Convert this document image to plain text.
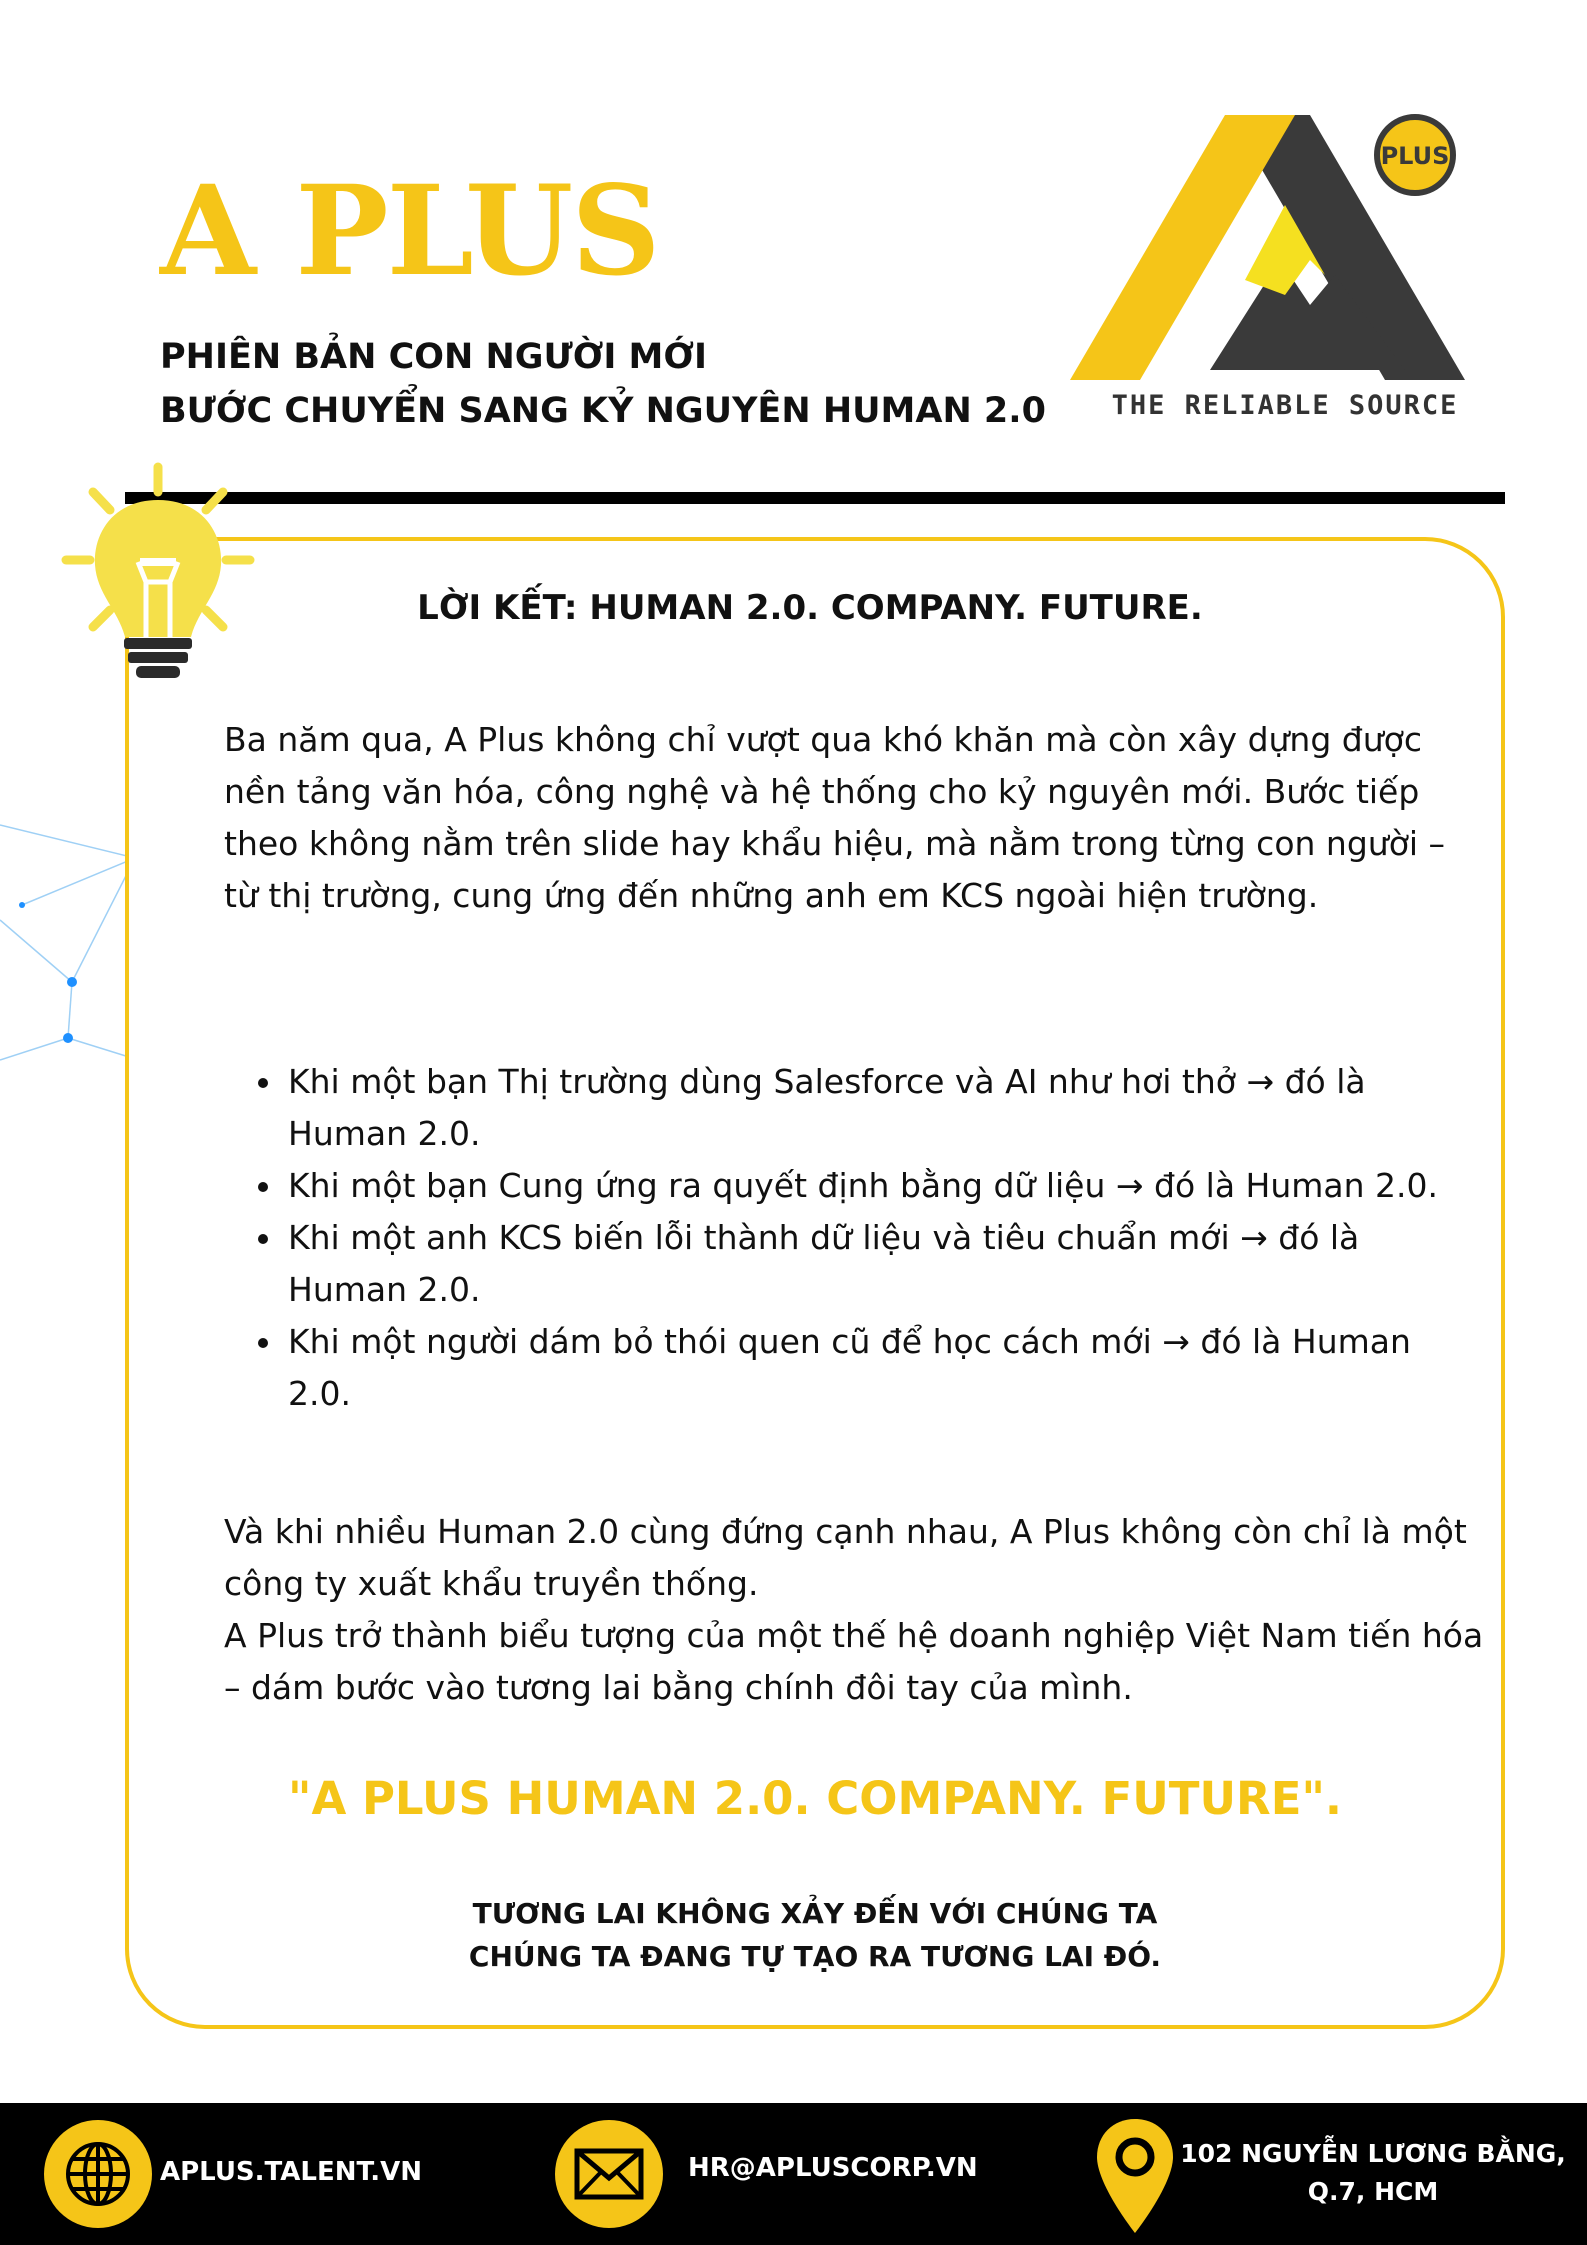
A PLUS
PHIÊN BẢN CON NGƯỜI MỚI
BƯỚC CHUYỂN SANG KỶ NGUYÊN HUMAN 2.0
PLUS
THE RELIABLE SOURCE
LỜI KẾT: HUMAN 2.0. COMPANY. FUTURE.
Ba năm qua, A Plus không chỉ vượt qua khó khăn mà còn xây dựng được nền tảng văn hóa, công nghệ và hệ thống cho kỷ nguyên mới. Bước tiếp theo không nằm trên slide hay khẩu hiệu, mà nằm trong từng con người – từ thị trường, cung ứng đến những anh em KCS ngoài hiện trường.
Khi một bạn Thị trường dùng Salesforce và AI như hơi thở → đó là Human 2.0.
Khi một bạn Cung ứng ra quyết định bằng dữ liệu → đó là Human 2.0.
Khi một anh KCS biến lỗi thành dữ liệu và tiêu chuẩn mới → đó là Human 2.0.
Khi một người dám bỏ thói quen cũ để học cách mới → đó là Human 2.0.
Và khi nhiều Human 2.0 cùng đứng cạnh nhau, A Plus không còn chỉ là một công ty xuất khẩu truyền thống.
A Plus trở thành biểu tượng của một thế hệ doanh nghiệp Việt Nam tiến hóa – dám bước vào tương lai bằng chính đôi tay của mình.
"A PLUS HUMAN 2.0. COMPANY. FUTURE".
TƯƠNG LAI KHÔNG XẢY ĐẾN VỚI CHÚNG TA
CHÚNG TA ĐANG TỰ TẠO RA TƯƠNG LAI ĐÓ.
APLUS.TALENT.VN	HR@APLUSCORP.VN	102 NGUYỄN LƯƠNG BẰNG,
Q.7, HCM
